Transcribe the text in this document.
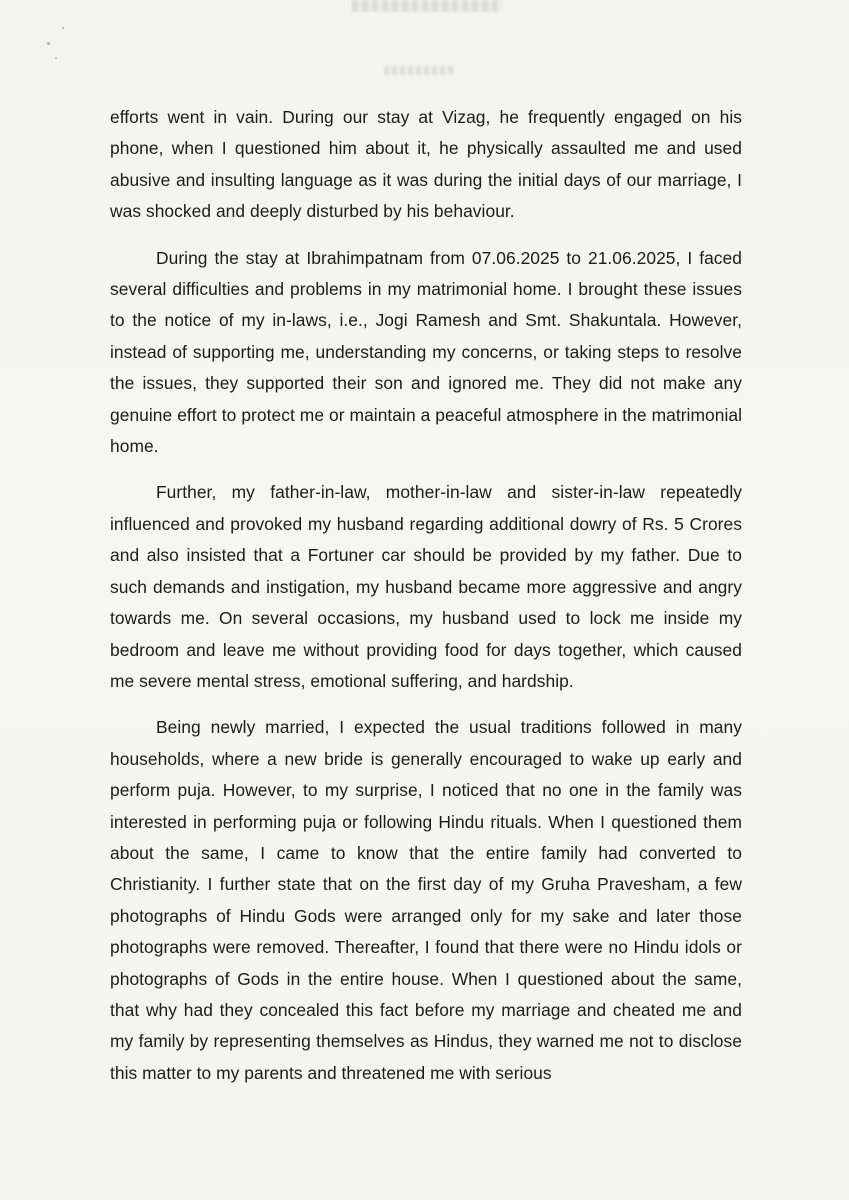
efforts went in vain. During our stay at Vizag, he frequently engaged on his phone, when I questioned him about it, he physically assaulted me and used abusive and insulting language as it was during the initial days of our marriage, I was shocked and deeply disturbed by his behaviour.

During the stay at Ibrahimpatnam from 07.06.2025 to 21.06.2025, I faced several difficulties and problems in my matrimonial home. I brought these issues to the notice of my in-laws, i.e., Jogi Ramesh and Smt. Shakuntala. However, instead of supporting me, understanding my concerns, or taking steps to resolve the issues, they supported their son and ignored me. They did not make any genuine effort to protect me or maintain a peaceful atmosphere in the matrimonial home.

Further, my father-in-law, mother-in-law and sister-in-law repeatedly influenced and provoked my husband regarding additional dowry of Rs. 5 Crores and also insisted that a Fortuner car should be provided by my father. Due to such demands and instigation, my husband became more aggressive and angry towards me. On several occasions, my husband used to lock me inside my bedroom and leave me without providing food for days together, which caused me severe mental stress, emotional suffering, and hardship.

Being newly married, I expected the usual traditions followed in many households, where a new bride is generally encouraged to wake up early and perform puja. However, to my surprise, I noticed that no one in the family was interested in performing puja or following Hindu rituals. When I questioned them about the same, I came to know that the entire family had converted to Christianity. I further state that on the first day of my Gruha Pravesham, a few photographs of Hindu Gods were arranged only for my sake and later those photographs were removed. Thereafter, I found that there were no Hindu idols or photographs of Gods in the entire house. When I questioned about the same, that why had they concealed this fact before my marriage and cheated me and my family by representing themselves as Hindus, they warned me not to disclose this matter to my parents and threatened me with serious
